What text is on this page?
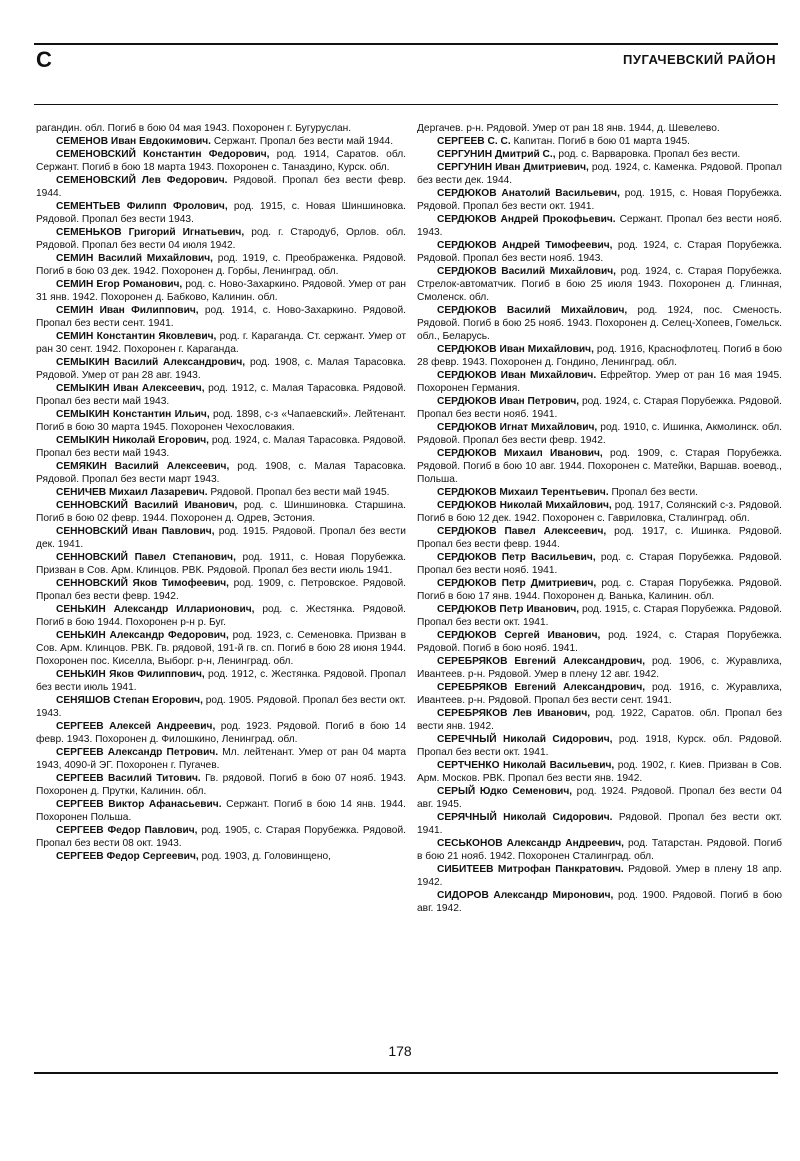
С	ПУГАЧЕВСКИЙ РАЙОН

рагандин. обл. Погиб в бою 04 мая 1943. Похоронен г. Бугуруслан.

СЕМЕНОВ Иван Евдокимович. Сержант. Пропал без вести май 1944.

СЕМЕНОВСКИЙ Константин Федорович, род. 1914, Саратов. обл. Сержант. Погиб в бою 18 марта 1943. Похоронен с. Таназдино, Курск. обл.

СЕМЕНОВСКИЙ Лев Федорович. Рядовой. Пропал без вести февр. 1944.

СЕМЕНТЬЕВ Филипп Фролович, род. 1915, с. Новая Шиншиновка. Рядовой. Пропал без вести 1943.

СЕМЕНЬКОВ Григорий Игнатьевич, род. г. Стародуб, Орлов. обл. Рядовой. Пропал без вести 04 июля 1942.

СЕМИН Василий Михайлович, род. 1919, с. Преображенка. Рядовой. Погиб в бою 03 дек. 1942. Похоронен д. Горбы, Ленинград. обл.

СЕМИН Егор Романович, род. с. Ново-Захаркино. Рядовой. Умер от ран 31 янв. 1942. Похоронен д. Бабково, Калинин. обл.

СЕМИН Иван Филиппович, род. 1914, с. Ново-Захаркино. Рядовой. Пропал без вести сент. 1941.

СЕМИН Константин Яковлевич, род. г. Караганда. Ст. сержант. Умер от ран 30 сент. 1942. Похоронен г. Караганда.

СЕМЫКИН Василий Александрович, род. 1908, с. Малая Тарасовка. Рядовой. Умер от ран 28 авг. 1943.

СЕМЫКИН Иван Алексеевич, род. 1912, с. Малая Тарасовка. Рядовой. Пропал без вести май 1943.

СЕМЫКИН Константин Ильич, род. 1898, с-з «Чапаевский». Лейтенант. Погиб в бою 30 марта 1945. Похоронен Чехословакия.

СЕМЫКИН Николай Егорович, род. 1924, с. Малая Тарасовка. Рядовой. Пропал без вести май 1943.

СЕМЯКИН Василий Алексеевич, род. 1908, с. Малая Тарасовка. Рядовой. Пропал без вести март 1943.

СЕНИЧЕВ Михаил Лазаревич. Рядовой. Пропал без вести май 1945.

СЕННОВСКИЙ Василий Иванович, род. с. Шиншиновка. Старшина. Погиб в бою 02 февр. 1944. Похоронен д. Одрев, Эстония.

СЕННОВСКИЙ Иван Павлович, род. 1915. Рядовой. Пропал без вести дек. 1941.

СЕННОВСКИЙ Павел Степанович, род. 1911, с. Новая Порубежка. Призван в Сов. Арм. Клинцов. РВК. Рядовой. Пропал без вести июль 1941.

СЕННОВСКИЙ Яков Тимофеевич, род. 1909, с. Петровское. Рядовой. Пропал без вести февр. 1942.

СЕНЬКИН Александр Илларионович, род. с. Жестянка. Рядовой. Погиб в бою 1944. Похоронен р-н р. Буг.

СЕНЬКИН Александр Федорович, род. 1923, с. Семеновка. Призван в Сов. Арм. Клинцов. РВК. Гв. рядовой, 191-й гв. сп. Погиб в бою 28 июня 1944. Похоронен пос. Киселла, Выборг. р-н, Ленинград. обл.

СЕНЬКИН Яков Филиппович, род. 1912, с. Жестянка. Рядовой. Пропал без вести июль 1941.

СЕНЯШОВ Степан Егорович, род. 1905. Рядовой. Пропал без вести окт. 1943.

СЕРГЕЕВ Алексей Андреевич, род. 1923. Рядовой. Погиб в бою 14 февр. 1943. Похоронен д. Филошкино, Ленинград. обл.

СЕРГЕЕВ Александр Петрович. Мл. лейтенант. Умер от ран 04 марта 1943, 4090-й ЭГ. Похоронен г. Пугачев.

СЕРГЕЕВ Василий Титович. Гв. рядовой. Погиб в бою 07 нояб. 1943. Похоронен д. Прутки, Калинин. обл.

СЕРГЕЕВ Виктор Афанасьевич. Сержант. Погиб в бою 14 янв. 1944. Похоронен Польша.

СЕРГЕЕВ Федор Павлович, род. 1905, с. Старая Порубежка. Рядовой. Пропал без вести 08 окт. 1943.

СЕРГЕЕВ Федор Сергеевич, род. 1903, д. Головинщено,

Дергачев. р-н. Рядовой. Умер от ран 18 янв. 1944, д. Шевелево.

СЕРГЕЕВ С. С. Капитан. Погиб в бою 01 марта 1945.

СЕРГУНИН Дмитрий С., род. с. Варваровка. Пропал без вести.

СЕРГУНИН Иван Дмитриевич, род. 1924, с. Каменка. Рядовой. Пропал без вести дек. 1944.

СЕРДЮКОВ Анатолий Васильевич, род. 1915, с. Новая Порубежка. Рядовой. Пропал без вести окт. 1941.

СЕРДЮКОВ Андрей Прокофьевич. Сержант. Пропал без вести нояб. 1943.

СЕРДЮКОВ Андрей Тимофеевич, род. 1924, с. Старая Порубежка. Рядовой. Пропал без вести нояб. 1943.

СЕРДЮКОВ Василий Михайлович, род. 1924, с. Старая Порубежка. Стрелок-автоматчик. Погиб в бою 25 июля 1943. Похоронен д. Глинная, Смоленск. обл.

СЕРДЮКОВ Василий Михайлович, род. 1924, пос. Сменость. Рядовой. Погиб в бою 25 нояб. 1943. Похоронен д. Селец-Хопеев, Гомельск. обл., Беларусь.

СЕРДЮКОВ Иван Михайлович, род. 1916, Краснофлотец. Погиб в бою 28 февр. 1943. Похоронен д. Гондино, Ленинград. обл.

СЕРДЮКОВ Иван Михайлович. Ефрейтор. Умер от ран 16 мая 1945. Похоронен Германия.

СЕРДЮКОВ Иван Петрович, род. 1924, с. Старая Порубежка. Рядовой. Пропал без вести нояб. 1941.

СЕРДЮКОВ Игнат Михайлович, род. 1910, с. Ишинка, Акмолинск. обл. Рядовой. Пропал без вести февр. 1942.

СЕРДЮКОВ Михаил Иванович, род. 1909, с. Старая Порубежка. Рядовой. Погиб в бою 10 авг. 1944. Похоронен с. Матейки, Варшав. воевод., Польша.

СЕРДЮКОВ Михаил Терентьевич. Пропал без вести.

СЕРДЮКОВ Николай Михайлович, род. 1917, Солянский с-з. Рядовой. Погиб в бою 12 дек. 1942. Похоронен с. Гавриловка, Сталинград. обл.

СЕРДЮКОВ Павел Алексеевич, род. 1917, с. Ишинка. Рядовой. Пропал без вести февр. 1944.

СЕРДЮКОВ Петр Васильевич, род. с. Старая Порубежка. Рядовой. Пропал без вести нояб. 1941.

СЕРДЮКОВ Петр Дмитриевич, род. с. Старая Порубежка. Рядовой. Погиб в бою 17 янв. 1944. Похоронен д. Ванька, Калинин. обл.

СЕРДЮКОВ Петр Иванович, род. 1915, с. Старая Порубежка. Рядовой. Пропал без вести окт. 1941.

СЕРДЮКОВ Сергей Иванович, род. 1924, с. Старая Порубежка. Рядовой. Погиб в бою нояб. 1941.

СЕРЕБРЯКОВ Евгений Александрович, род. 1906, с. Журавлиха, Ивантеев. р-н. Рядовой. Умер в плену 12 авг. 1942.

СЕРЕБРЯКОВ Евгений Александрович, род. 1916, с. Журавлиха, Ивантеев. р-н. Рядовой. Пропал без вести сент. 1941.

СЕРЕБРЯКОВ Лев Иванович, род. 1922, Саратов. обл. Пропал без вести янв. 1942.

СЕРЕЧНЫЙ Николай Сидорович, род. 1918, Курск. обл. Рядовой. Пропал без вести окт. 1941.

СЕРТЧЕНКО Николай Васильевич, род. 1902, г. Киев. Призван в Сов. Арм. Москов. РВК. Пропал без вести янв. 1942.

СЕРЫЙ Юдко Семенович, род. 1924. Рядовой. Пропал без вести 04 авг. 1945.

СЕРЯЧНЫЙ Николай Сидорович. Рядовой. Пропал без вести окт. 1941.

СЕСЬКОНОВ Александр Андреевич, род. Татарстан. Рядовой. Погиб в бою 21 нояб. 1942. Похоронен Сталинград. обл.

СИБИТЕЕВ Митрофан Панкратович. Рядовой. Умер в плену 18 апр. 1942.

СИДОРОВ Александр Миронович, род. 1900. Рядовой. Погиб в бою авг. 1942.

178
